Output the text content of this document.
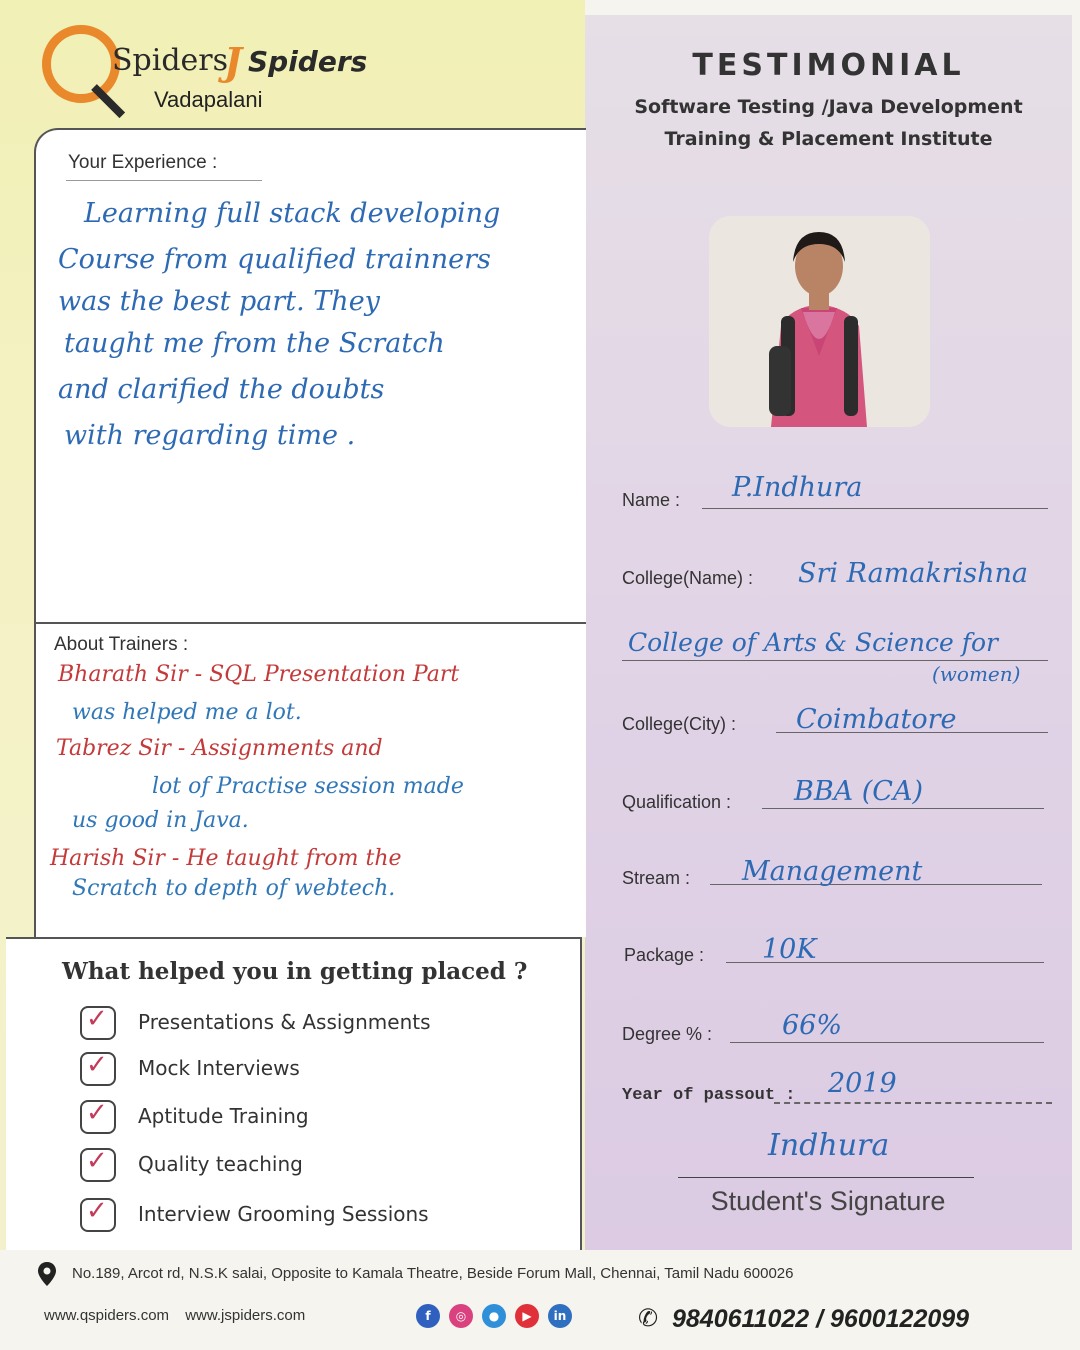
Spiders
J Spiders
Vadapalani
TESTIMONIAL
Software Testing /Java Development
Training & Placement Institute
Your Experience :
Learning full stack developing
Course from qualified trainners
was the best part. They
taught me from the Scratch
and clarified the doubts
with regarding time .
About Trainers :
Bharath Sir - SQL Presentation Part
was helped me a lot.
Tabrez Sir - Assignments and
lot of Practise session made
us good in Java.
Harish Sir - He taught from the
Scratch to depth of webtech.
What helped you in getting placed ?
✓ Presentations & Assignments
✓ Mock Interviews
✓ Aptitude Training
✓ Quality teaching
✓ Interview Grooming Sessions
Name : P.Indhura
College(Name) : Sri Ramakrishna
College of Arts & Science for
(women)
College(City) : Coimbatore
Qualification : BBA (CA)
Stream : Management
Package : 10K
Degree % :	66%
Year of passout : 2019
Indhura
Student's Signature
No.189, Arcot rd, N.S.K salai, Opposite to Kamala Theatre, Beside Forum Mall, Chennai, Tamil Nadu 600026
www.qspiders.com www.jspiders.com	f	◎	●	▶	in	✆ 9840611022 / 9600122099
